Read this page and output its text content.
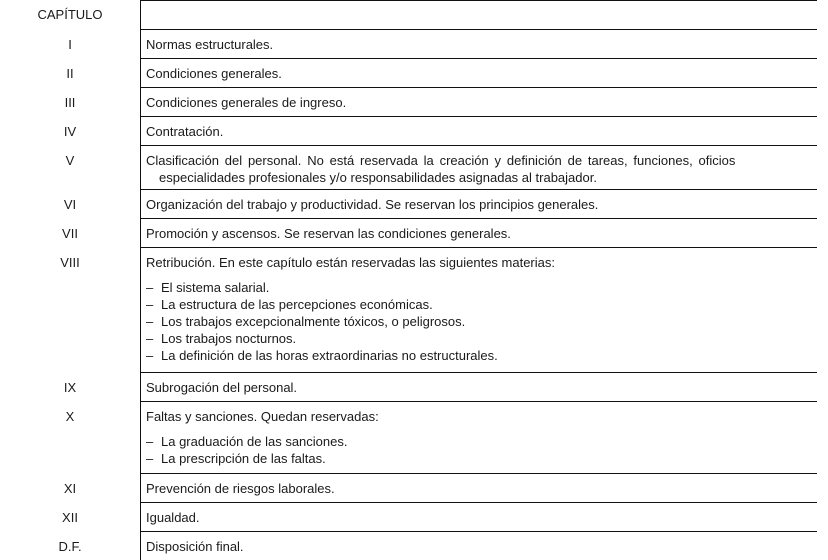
CAPÍTULO
I	Normas estructurales.
II	Condiciones generales.
III	Condiciones generales de ingreso.
IV	Contratación.
V	Clasificación del personal. No está reservada la creación y definición de tareas, funciones, oficios
especialidades profesionales y/o responsabilidades asignadas al trabajador.
VI	Organización del trabajo y productividad. Se reservan los principios generales.
VII	Promoción y ascensos. Se reservan las condiciones generales.
VIII	Retribución. En este capítulo están reservadas las siguientes materias:
– El sistema salarial.
– La estructura de las percepciones económicas.
– Los trabajos excepcionalmente tóxicos, o peligrosos.
– Los trabajos nocturnos.
– La definición de las horas extraordinarias no estructurales.
IX	Subrogación del personal.
X	Faltas y sanciones. Quedan reservadas:
– La graduación de las sanciones.
– La prescripción de las faltas.
XI	Prevención de riesgos laborales.
XII	Igualdad.
D.F.	Disposición final.
